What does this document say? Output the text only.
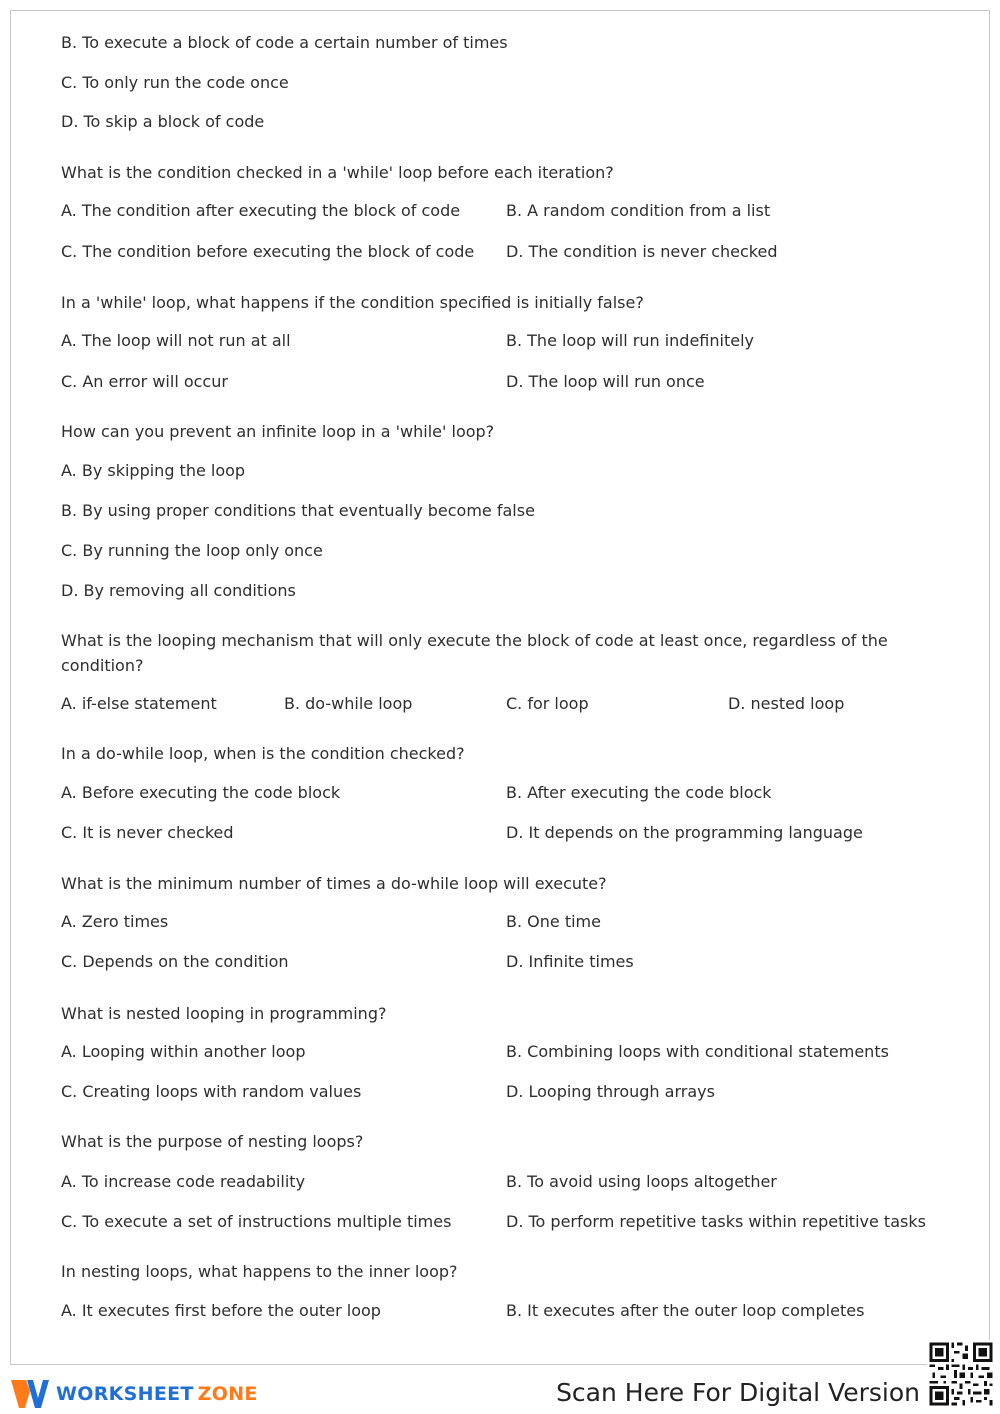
B. To execute a block of code a certain number of times
C. To only run the code once
D. To skip a block of code
What is the condition checked in a 'while' loop before each iteration?
A. The condition after executing the block of code	B. A random condition from a list
C. The condition before executing the block of code D. The condition is never checked
In a 'while' loop, what happens if the condition specified is initially false?
A. The loop will not run at all	B. The loop will run indefinitely
C. An error will occur	D. The loop will run once
How can you prevent an infinite loop in a 'while' loop?
A. By skipping the loop
B. By using proper conditions that eventually become false
C. By running the loop only once
D. By removing all conditions
What is the looping mechanism that will only execute the block of code at least once, regardless of the condition?
A. if-else statement	B. do-while loop	C. for loop	D. nested loop
In a do-while loop, when is the condition checked?
A. Before executing the code block	B. After executing the code block
C. It is never checked	D. It depends on the programming language
What is the minimum number of times a do-while loop will execute?
A. Zero times	B. One time
C. Depends on the condition	D. Infinite times
What is nested looping in programming?
A. Looping within another loop	B. Combining loops with conditional statements
C. Creating loops with random values	D. Looping through arrays
What is the purpose of nesting loops?
A. To increase code readability	B. To avoid using loops altogether
C. To execute a set of instructions multiple times	D. To perform repetitive tasks within repetitive tasks
In nesting loops, what happens to the inner loop?
A. It executes first before the outer loop	B. It executes after the outer loop completes
WORKSHEET ZONE	Scan Here For Digital Version
